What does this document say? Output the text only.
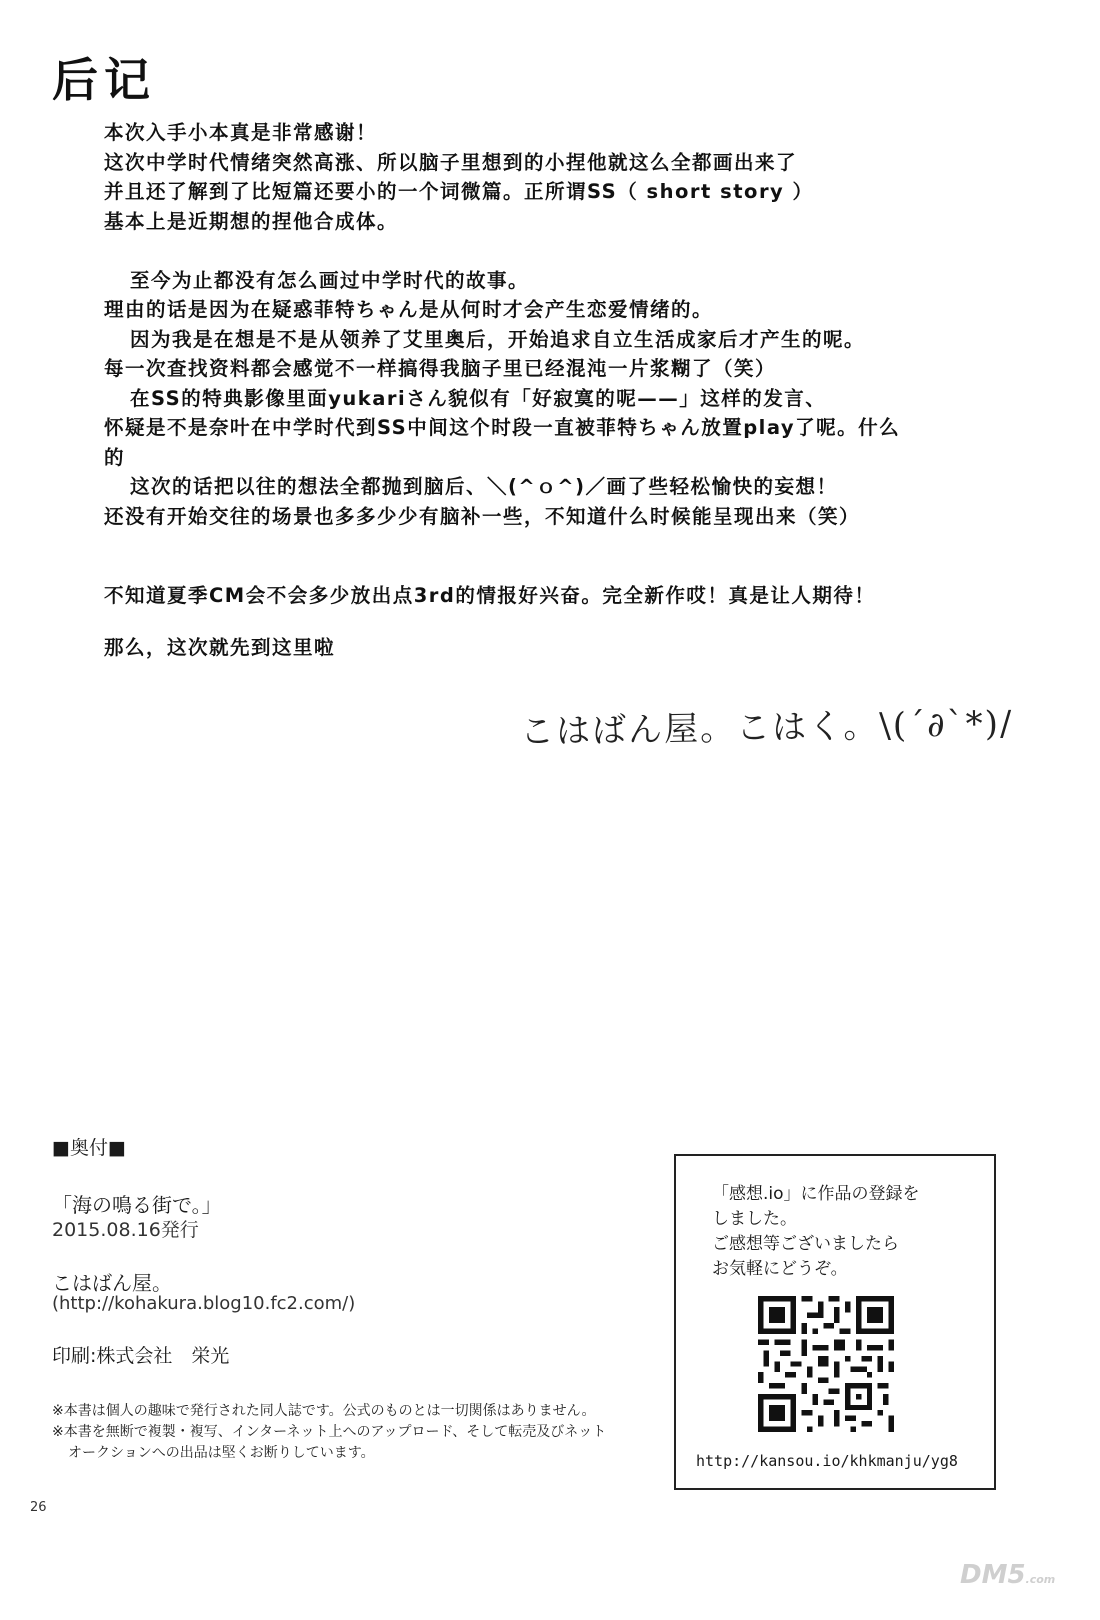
后记
本次入手小本真是非常感谢！
这次中学时代情绪突然高涨、所以脑子里想到的小捏他就这么全都画出来了
并且还了解到了比短篇还要小的一个词微篇。正所谓SS（ short story ）
基本上是近期想的捏他合成体。
至今为止都没有怎么画过中学时代的故事。
理由的话是因为在疑惑菲特ちゃん是从何时才会产生恋爱情绪的。
因为我是在想是不是从领养了艾里奥后，开始追求自立生活成家后才产生的呢。
每一次查找资料都会感觉不一样搞得我脑子里已经混沌一片浆糊了（笑）
在SS的特典影像里面yukariさん貌似有「好寂寞的呢——」这样的发言、
怀疑是不是奈叶在中学时代到SS中间这个时段一直被菲特ちゃん放置play了呢。什么
的
这次的话把以往的想法全都抛到脑后、＼(^ｏ^)／画了些轻松愉快的妄想！
还没有开始交往的场景也多多少少有脑补一些，不知道什么时候能呈现出来（笑）
不知道夏季CM会不会多少放出点3rd的情报好兴奋。完全新作哎！真是让人期待！
那么，这次就先到这里啦
こはばん屋。こはく。\(´∂`*)/
■奥付■
「海の鳴る街で。」
2015.08.16発行
こはばん屋。
(http://kohakura.blog10.fc2.com/)
印刷:株式会社　栄光
※本書は個人の趣味で発行された同人誌です。公式のものとは一切関係はありません。
※本書を無断で複製・複写、インターネット上へのアップロード、そして転売及びネット
オークションへの出品は堅くお断りしています。
26
「感想.io」に作品の登録を
しました。
ご感想等ございましたら
お気軽にどうぞ。
http://kansou.io/khkmanju/yg8
DM5.com
